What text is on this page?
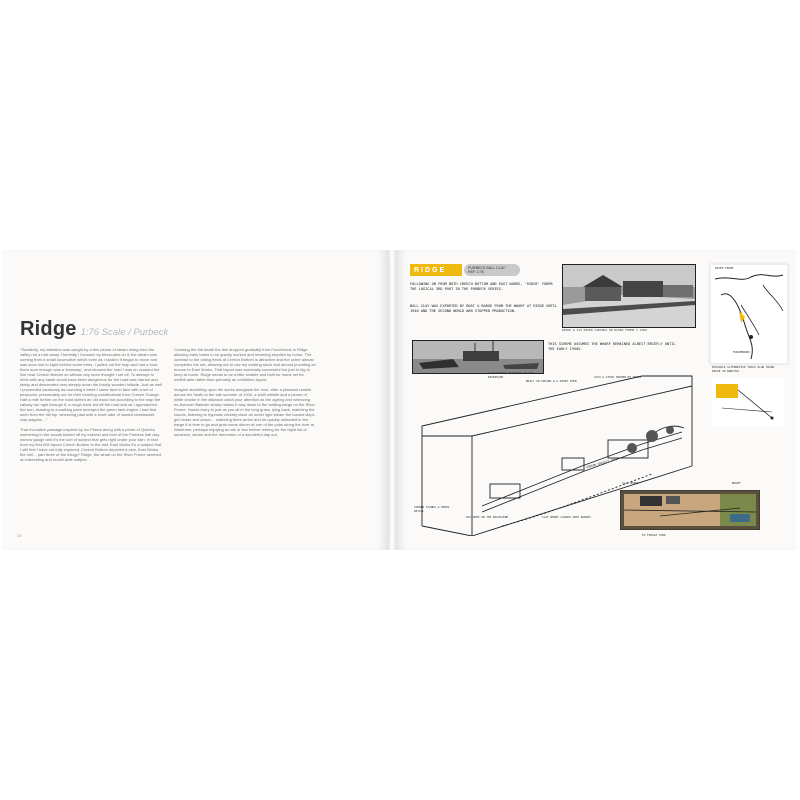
Ridge 1:76 Scale / Purbeck

“Suddenly, my attention was caught by a thin plume of steam rising from the valley not a mile away. Hurriedly I focused my binoculars on it; the steam was coming from a small locomotive which even as I studied it began to move and was soon lost to sight behind some trees. I pulled out the map and had a look; there sure enough was a ‘tramway’, and showed the road I was on crossed the line near Creech Bottom so without any more thought I set off. To attempt to drive with any haste would have been dangerous for the road was narrow and twisty and descended very steeply down the thickly wooded hillside. Just as well I proceeded cautiously as rounding a bend I came face to face with a set of peacocks, presumably out for their morning constitutional from Creech Grange. Half a mile further on the road skirted an old wood but according to the map the railway ran right through it, a rough track led off the road and as I approached the turn, drawing to a walking pace emerged the green tank engine I had first seen from the hill top, wheezing past with a short rake of loaded ramshackle clay wagons…”

That evocative passage inspired by Ivo Peters along with a photo of Quimbo simmering in the woods kicked off my interest and love of the Purbeck ball clay narrow gauge and it's the sort of subject that gets right under your skin. In fact from my first 009 layout Creech Bottom to the last, East Works it's a subject that I still feel I have not fully explored. Creech Bottom depicted a new, East Works the mill… part three of the trilogy? Ridge, the wharf on the River Frome seemed an interesting and model-able subject.

Crossing the flat heath the line dropped gradually from Furzebrook to Ridge allowing early trains to be gravity worked and returning empties by horse. The contrast to the rolling fields at Creech Bottom is attractive and the ochre almost completes the set, allowing me to use my existing stock and almost providing an encore to East Works. That layout was scenically successful but just to big to keep at home. Ridge needs to be a little smaller and built for home set for exhibit able rather than primarily an exhibition layout.

Imagine stumbling upon the works alongside the river, after a pleasant ramble across the heath in the late summer of 1934, a shrill whistle and a plume of white smoke in the distance catch your attention as the ageing and wheezing ex-Ashover Baldwin slowly makes it way down to the waiting barge on the River Frome. Hands hurry to just as you sit in the long grass, lying back, watching the clouds, listening to hypnotic clickety clack as under light steam the loaded skips get closer and closer… watching them arrive and be quickly unloaded in the barge it is time to go and grab some dinner at one of the pubs along the river at Wareham, perhaps enjoying an ale or two before retiring for the night full of sunshine, steam and the memories of a wonderful day out.

10
RIDGE	PURBECK BALL CLAY · REF. 1:76
FOLLOWING ON FROM BOTH CREECH BOTTOM AND EAST WORKS, 'RIDGE' FORMS THE LOGICAL 3RD PART IN THE PURBECK SERIES.
BALL CLAY WAS EXPORTED BY BOAT & BARGE FROM THE WHARF AT RIDGE UNTIL 1940 AND THE SECOND WORLD WAR STOPPED PRODUCTION.
RIDGE & ITS RIVER SIDINGS ON RIVER FROME C.1900
RIVER FROME
FURZEBROOK
THIS SCHEME ASSUMES THE WHARF REMAINED ALBEIT BRIEFLY UNTIL THE EARLY 1950S.
POSSIBLE ALTERNATIVE TRACK PLAN USING RIDGE IN NORFOLK
BUILT IN SIDING & A SHORT PIER
CLAY WAGONS AWAITING ON THE RIVERSIDE	LOCO & STOCK HIDDEN BY TREES
CORNER STANDS & SHEDS DETAIL
OLD SHED ON THE BACKSCENE	CLAY WHARF LOADED INTO BARGES
GORDON GRAVETT 2012
CLAY WORKS	WHARF
TO FIDDLE YARD
